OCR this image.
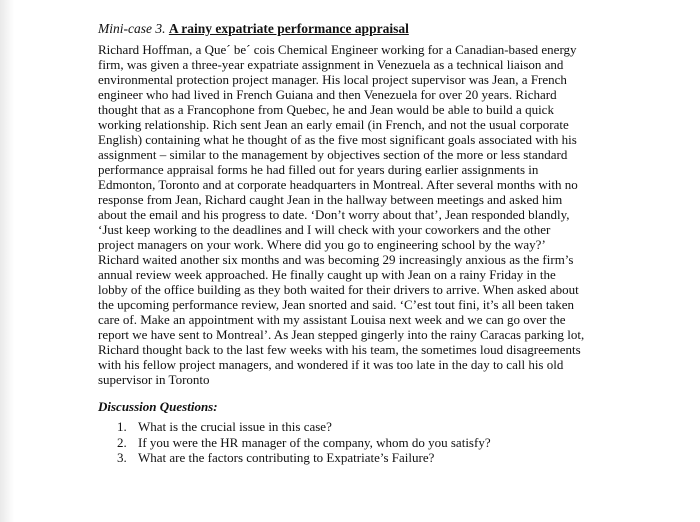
Mini-case 3. A rainy expatriate performance appraisal
Richard Hoffman, a Que´ be´ cois Chemical Engineer working for a Canadian-based energy
firm, was given a three-year expatriate assignment in Venezuela as a technical liaison and
environmental protection project manager. His local project supervisor was Jean, a French
engineer who had lived in French Guiana and then Venezuela for over 20 years. Richard
thought that as a Francophone from Quebec, he and Jean would be able to build a quick
working relationship. Rich sent Jean an early email (in French, and not the usual corporate
English) containing what he thought of as the five most significant goals associated with his
assignment – similar to the management by objectives section of the more or less standard
performance appraisal forms he had filled out for years during earlier assignments in
Edmonton, Toronto and at corporate headquarters in Montreal. After several months with no
response from Jean, Richard caught Jean in the hallway between meetings and asked him
about the email and his progress to date. ‘Don’t worry about that’, Jean responded blandly,
‘Just keep working to the deadlines and I will check with your coworkers and the other
project managers on your work. Where did you go to engineering school by the way?’
Richard waited another six months and was becoming 29 increasingly anxious as the firm’s
annual review week approached. He finally caught up with Jean on a rainy Friday in the
lobby of the office building as they both waited for their drivers to arrive. When asked about
the upcoming performance review, Jean snorted and said. ‘C’est tout fini, it’s all been taken
care of. Make an appointment with my assistant Louisa next week and we can go over the
report we have sent to Montreal’. As Jean stepped gingerly into the rainy Caracas parking lot,
Richard thought back to the last few weeks with his team, the sometimes loud disagreements
with his fellow project managers, and wondered if it was too late in the day to call his old
supervisor in Toronto
Discussion Questions:
1. What is the crucial issue in this case?
2. If you were the HR manager of the company, whom do you satisfy?
3. What are the factors contributing to Expatriate’s Failure?
